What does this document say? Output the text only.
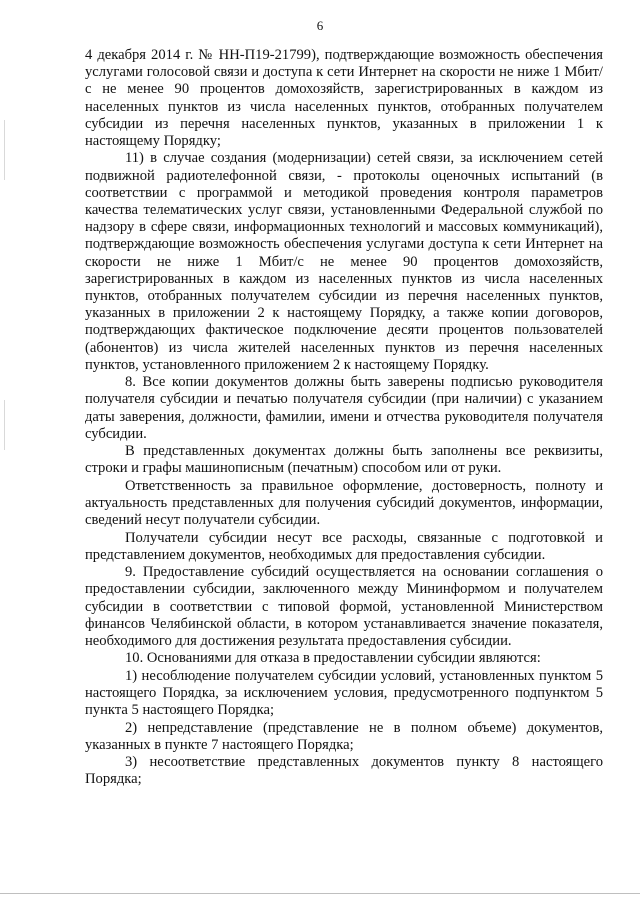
6

4 декабря 2014 г. № НН-П19-21799), подтверждающие возможность обеспечения услугами голосовой связи и доступа к сети Интернет на скорости не ниже 1 Мбит/с не менее 90 процентов домохозяйств, зарегистрированных в каждом из населенных пунктов из числа населенных пунктов, отобранных получателем субсидии из перечня населенных пунктов, указанных в приложении 1 к настоящему Порядку;

11) в случае создания (модернизации) сетей связи, за исключением сетей подвижной радиотелефонной связи, - протоколы оценочных испытаний (в соответствии с программой и методикой проведения контроля параметров качества телематических услуг связи, установленными Федеральной службой по надзору в сфере связи, информационных технологий и массовых коммуникаций), подтверждающие возможность обеспечения услугами доступа к сети Интернет на скорости не ниже 1 Мбит/с не менее 90 процентов домохозяйств, зарегистрированных в каждом из населенных пунктов из числа населенных пунктов, отобранных получателем субсидии из перечня населенных пунктов, указанных в приложении 2 к настоящему Порядку, а также копии договоров, подтверждающих фактическое подключение десяти процентов пользователей (абонентов) из числа жителей населенных пунктов из перечня населенных пунктов, установленного приложением 2 к настоящему Порядку.

8. Все копии документов должны быть заверены подписью руководителя получателя субсидии и печатью получателя субсидии (при наличии) с указанием даты заверения, должности, фамилии, имени и отчества руководителя получателя субсидии.

В представленных документах должны быть заполнены все реквизиты, строки и графы машинописным (печатным) способом или от руки.

Ответственность за правильное оформление, достоверность, полноту и актуальность представленных для получения субсидий документов, информации, сведений несут получатели субсидии.

Получатели субсидии несут все расходы, связанные с подготовкой и представлением документов, необходимых для предоставления субсидии.

9. Предоставление субсидий осуществляется на основании соглашения о предоставлении субсидии, заключенного между Мининформом и получателем субсидии в соответствии с типовой формой, установленной Министерством финансов Челябинской области, в котором устанавливается значение показателя, необходимого для достижения результата предоставления субсидии.

10. Основаниями для отказа в предоставлении субсидии являются:

1) несоблюдение получателем субсидии условий, установленных пунктом 5 настоящего Порядка, за исключением условия, предусмотренного подпунктом 5 пункта 5 настоящего Порядка;

2) непредставление (представление не в полном объеме) документов, указанных в пункте 7 настоящего Порядка;

3) несоответствие представленных документов пункту 8 настоящего Порядка;
